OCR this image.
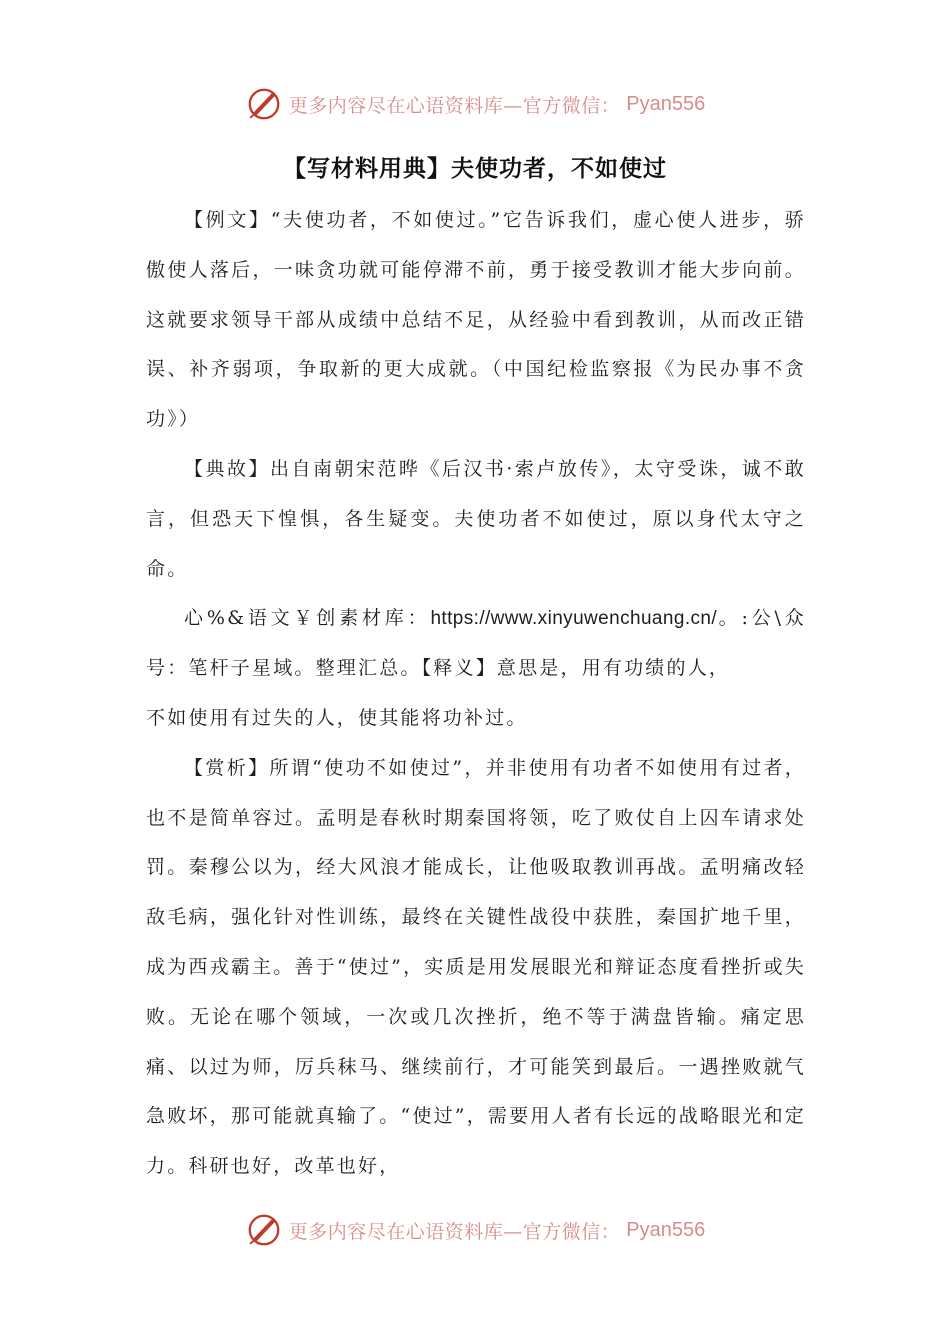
更多内容尽在心语资料库—官方微信： Pyan556
【写材料用典】夫使功者，不如使过

【例文】“夫使功者，不如使过。”它告诉我们，虚心使人进步，骄傲使人落后，一味贪功就可能停滞不前，勇于接受教训才能大步向前。这就要求领导干部从成绩中总结不足，从经验中看到教训，从而改正错误、补齐弱项，争取新的更大成就。（中国纪检监察报《为民办事不贪功》）

【典故】出自南朝宋范晔《后汉书·索卢放传》，太守受诛，诚不敢言，但恐天下惶惧，各生疑变。夫使功者不如使过，原以身代太守之命。

心%&语文￥创素材库：https://www.xinyuwenchuang.cn/。:公\众号：笔杆子星域。整理汇总。【释义】意思是，用有功绩的人，

不如使用有过失的人，使其能将功补过。

【赏析】所谓“使功不如使过”，并非使用有功者不如使用有过者，也不是简单容过。孟明是春秋时期秦国将领，吃了败仗自上囚车请求处罚。秦穆公以为，经大风浪才能成长，让他吸取教训再战。孟明痛改轻敌毛病，强化针对性训练，最终在关键性战役中获胜，秦国扩地千里，成为西戎霸主。善于“使过”，实质是用发展眼光和辩证态度看挫折或失败。无论在哪个领域，一次或几次挫折，绝不等于满盘皆输。痛定思痛、以过为师，厉兵秣马、继续前行，才可能笑到最后。一遇挫败就气急败坏，那可能就真输了。“使过”，需要用人者有长远的战略眼光和定力。科研也好，改革也好，

更多内容尽在心语资料库—官方微信： Pyan556
